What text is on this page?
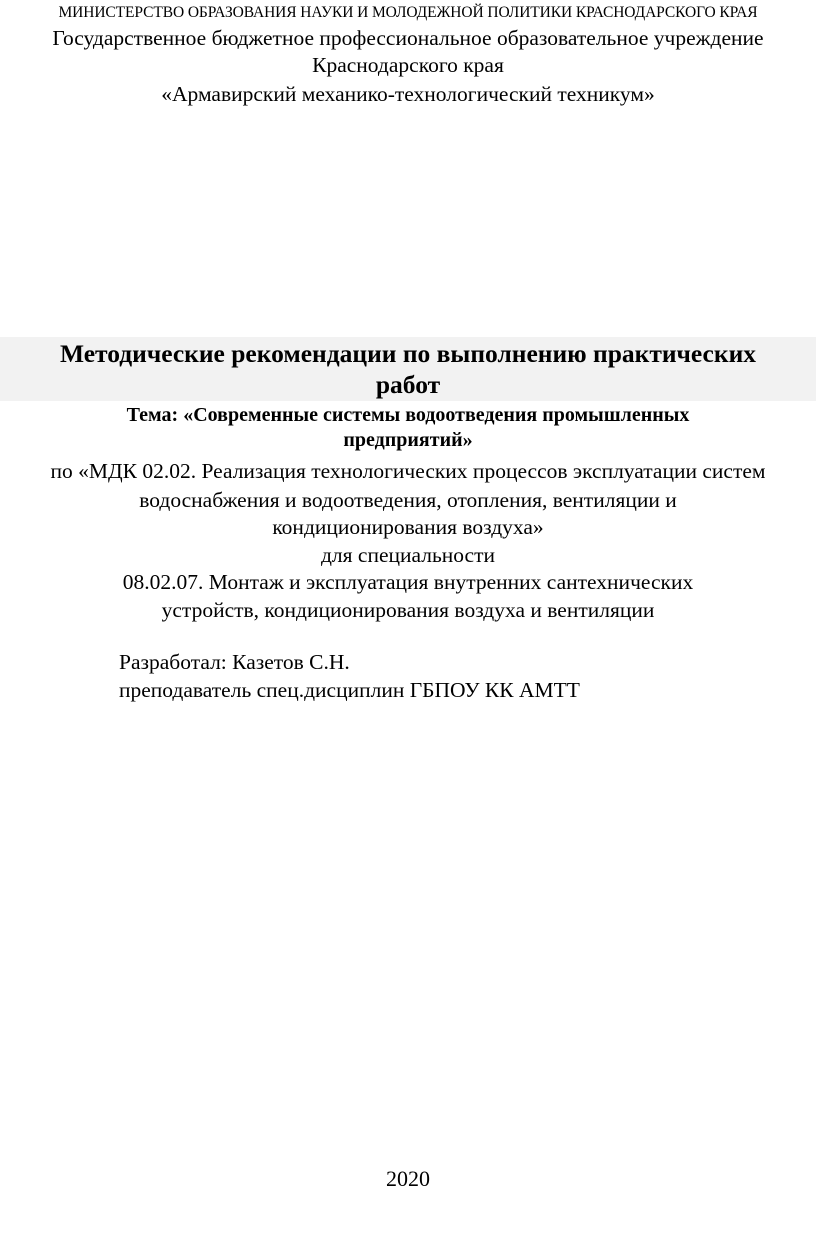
МИНИСТЕРСТВО ОБРАЗОВАНИЯ НАУКИ И МОЛОДЕЖНОЙ ПОЛИТИКИ КРАСНОДАРСКОГО КРАЯ
Государственное бюджетное профессиональное образовательное учреждение
Краснодарского края
«Армавирский механико-технологический техникум»
Методические рекомендации по выполнению практических
работ
Тема: «Современные системы водоотведения промышленных
предприятий»
по «МДК 02.02. Реализация технологических процессов эксплуатации систем
водоснабжения и водоотведения, отопления, вентиляции и
кондиционирования воздуха»
для специальности
08.02.07. Монтаж и эксплуатация внутренних сантехнических
устройств, кондиционирования воздуха и вентиляции
Разработал: Казетов С.Н.
преподаватель спец.дисциплин ГБПОУ КК АМТТ
2020
